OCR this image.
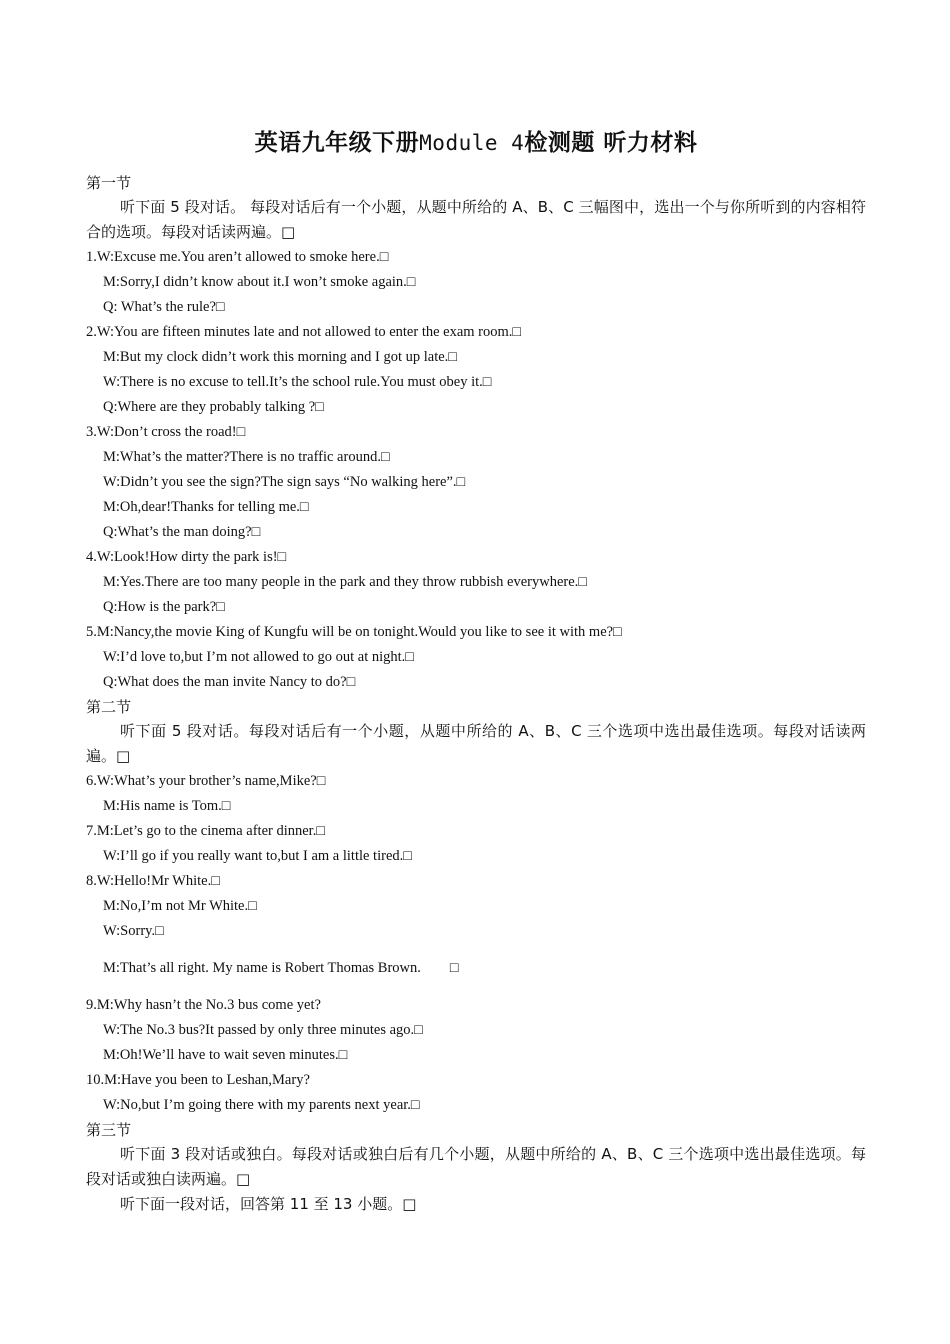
英语九年级下册Module 4检测题 听力材料
第一节
听下面 5 段对话。 每段对话后有一个小题，从题中所给的 A、B、C 三幅图中，选出一个与你所听到的内容相符合的选项。每段对话读两遍。□
1.W:Excuse me.You aren’t allowed to smoke here.□
M:Sorry,I didn’t know about it.I won’t smoke again.□
Q: What’s the rule?□
2.W:You are fifteen minutes late and not allowed to enter the exam room.□
M:But my clock didn’t work this morning and I got up late.□
W:There is no excuse to tell.It’s the school rule.You must obey it.□
Q:Where are they probably talking ?□
3.W:Don’t cross the road!□
M:What’s the matter?There is no traffic around.□
W:Didn’t you see the sign?The sign says “No walking here”.□
M:Oh,dear!Thanks for telling me.□
Q:What’s the man doing?□
4.W:Look!How dirty the park is!□
M:Yes.There are too many people in the park and they throw rubbish everywhere.□
Q:How is the park?□
5.M:Nancy,the movie King of Kungfu will be on tonight.Would you like to see it with me?□
W:I’d love to,but I’m not allowed to go out at night.□
Q:What does the man invite Nancy to do?□
第二节
听下面 5 段对话。每段对话后有一个小题，从题中所给的 A、B、C 三个选项中选出最佳选项。每段对话读两遍。□
6.W:What’s your brother’s name,Mike?□
M:His name is Tom.□
7.M:Let’s go to the cinema after dinner.□
W:I’ll go if you really want to,but I am a little tired.□
8.W:Hello!Mr White.□
M:No,I’m not Mr White.□
W:Sorry.□
M:That’s all right. My name is Robert Thomas Brown.        □
9.M:Why hasn’t the No.3 bus come yet?
W:The No.3 bus?It passed by only three minutes ago.□
M:Oh!We’ll have to wait seven minutes.□
10.M:Have you been to Leshan,Mary?
W:No,but I’m going there with my parents next year.□
第三节
听下面 3 段对话或独白。每段对话或独白后有几个小题，从题中所给的 A、B、C 三个选项中选出最佳选项。每段对话或独白读两遍。□
听下面一段对话，回答第 11 至 13 小题。□
